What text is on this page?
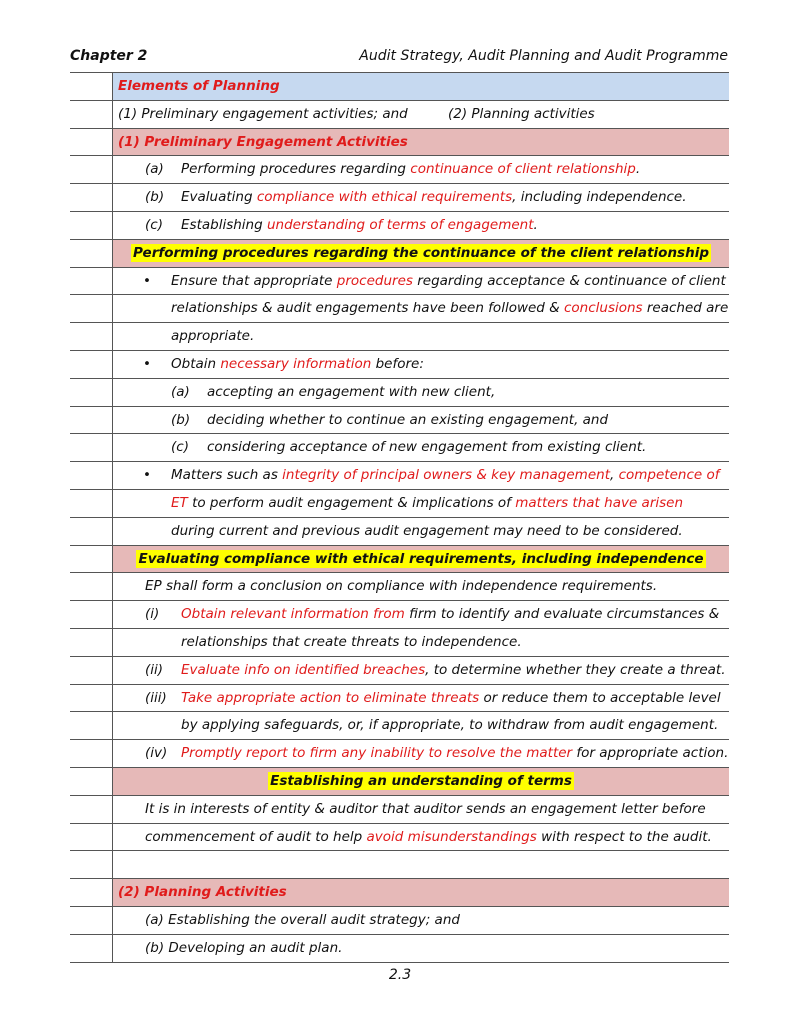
Chapter 2	Audit Strategy, Audit Planning and Audit Programme
Elements of Planning
(1) Preliminary engagement activities; and	(2) Planning activities
(1) Preliminary Engagement Activities
(a) Performing procedures regarding continuance of client relationship.
(b) Evaluating compliance with ethical requirements, including independence.
(c) Establishing understanding of terms of engagement.
Performing procedures regarding the continuance of the client relationship
• Ensure that appropriate procedures regarding acceptance & continuance of client
relationships & audit engagements have been followed & conclusions reached are
appropriate.
• Obtain necessary information before:
(a) accepting an engagement with new client,
(b) deciding whether to continue an existing engagement, and
(c) considering acceptance of new engagement from existing client.
• Matters such as integrity of principal owners & key management, competence of
ET to perform audit engagement & implications of matters that have arisen
during current and previous audit engagement may need to be considered.
Evaluating compliance with ethical requirements, including independence
EP shall form a conclusion on compliance with independence requirements.
(i) Obtain relevant information from firm to identify and evaluate circumstances &
relationships that create threats to independence.
(ii) Evaluate info on identified breaches, to determine whether they create a threat.
(iii) Take appropriate action to eliminate threats or reduce them to acceptable level
by applying safeguards, or, if appropriate, to withdraw from audit engagement.
(iv) Promptly report to firm any inability to resolve the matter for appropriate action.
Establishing an understanding of terms
It is in interests of entity & auditor that auditor sends an engagement letter before
commencement of audit to help avoid misunderstandings with respect to the audit.
(2) Planning Activities
(a) Establishing the overall audit strategy; and
(b) Developing an audit plan.
2.3
